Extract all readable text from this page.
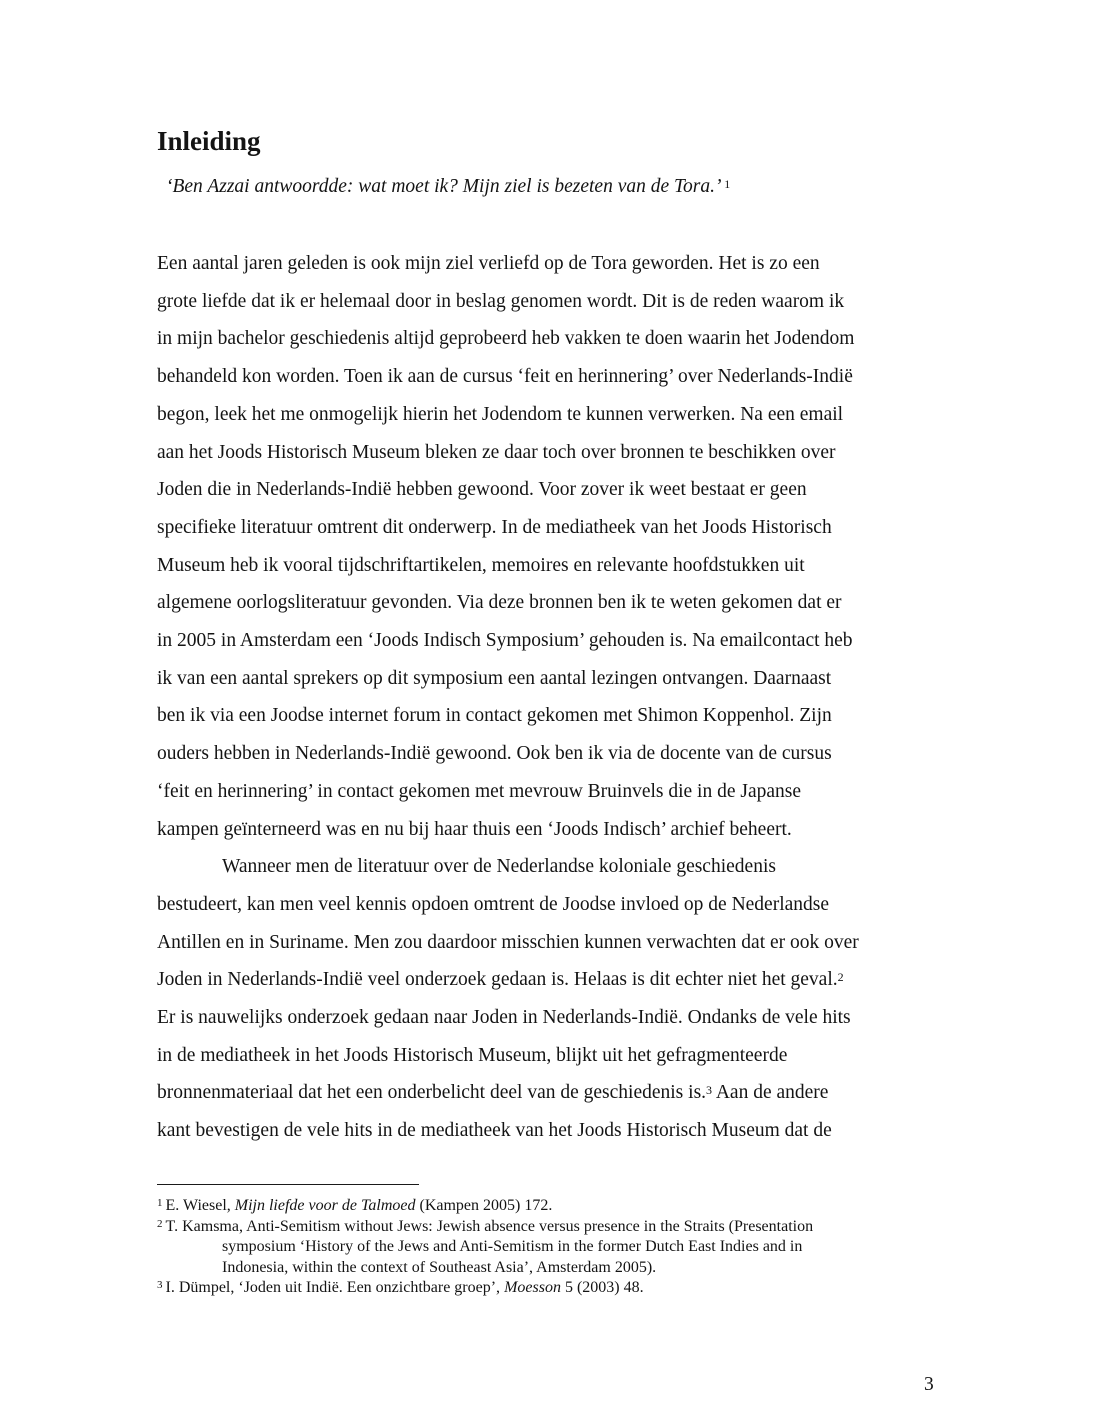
Inleiding

‘Ben Azzai antwoordde: wat moet ik? Mijn ziel is bezeten van de Tora.’ $^1$

Een aantal jaren geleden is ook mijn ziel verliefd op de Tora geworden. Het is zo een
grote liefde dat ik er helemaal door in beslag genomen wordt. Dit is de reden waarom ik
in mijn bachelor geschiedenis altijd geprobeerd heb vakken te doen waarin het Jodendom
behandeld kon worden. Toen ik aan de cursus ‘feit en herinnering’ over Nederlands-Indië
begon, leek het me onmogelijk hierin het Jodendom te kunnen verwerken. Na een email
aan het Joods Historisch Museum bleken ze daar toch over bronnen te beschikken over
Joden die in Nederlands-Indië hebben gewoond. Voor zover ik weet bestaat er geen
specifieke literatuur omtrent dit onderwerp. In de mediatheek van het Joods Historisch
Museum heb ik vooral tijdschriftartikelen, memoires en relevante hoofdstukken uit
algemene oorlogsliteratuur gevonden. Via deze bronnen ben ik te weten gekomen dat er
in 2005 in Amsterdam een ‘Joods Indisch Symposium’ gehouden is. Na emailcontact heb
ik van een aantal sprekers op dit symposium een aantal lezingen ontvangen. Daarnaast
ben ik via een Joodse internet forum in contact gekomen met Shimon Koppenhol. Zijn
ouders hebben in Nederlands-Indië gewoond. Ook ben ik via de docente van de cursus
‘feit en herinnering’ in contact gekomen met mevrouw Bruinvels die in de Japanse
kampen geïnterneerd was en nu bij haar thuis een ‘Joods Indisch’ archief beheert.
Wanneer men de literatuur over de Nederlandse koloniale geschiedenis
bestudeert, kan men veel kennis opdoen omtrent de Joodse invloed op de Nederlandse
Antillen en in Suriname. Men zou daardoor misschien kunnen verwachten dat er ook over
Joden in Nederlands-Indië veel onderzoek gedaan is. Helaas is dit echter niet het geval.$^2$
Er is nauwelijks onderzoek gedaan naar Joden in Nederlands-Indië. Ondanks de vele hits
in de mediatheek in het Joods Historisch Museum, blijkt uit het gefragmenteerde
bronnenmateriaal dat het een onderbelicht deel van de geschiedenis is.$^3$ Aan de andere
kant bevestigen de vele hits in de mediatheek van het Joods Historisch Museum dat de
$^1$ E. Wiesel, Mijn liefde voor de Talmoed (Kampen 2005) 172.
$^2$ T. Kamsma, Anti-Semitism without Jews: Jewish absence versus presence in the Straits (Presentation
symposium ‘History of the Jews and Anti-Semitism in the former Dutch East Indies and in
Indonesia, within the context of Southeast Asia’, Amsterdam 2005).
$^3$ I. Dümpel, ‘Joden uit Indië. Een onzichtbare groep’, Moesson 5 (2003) 48.

3
